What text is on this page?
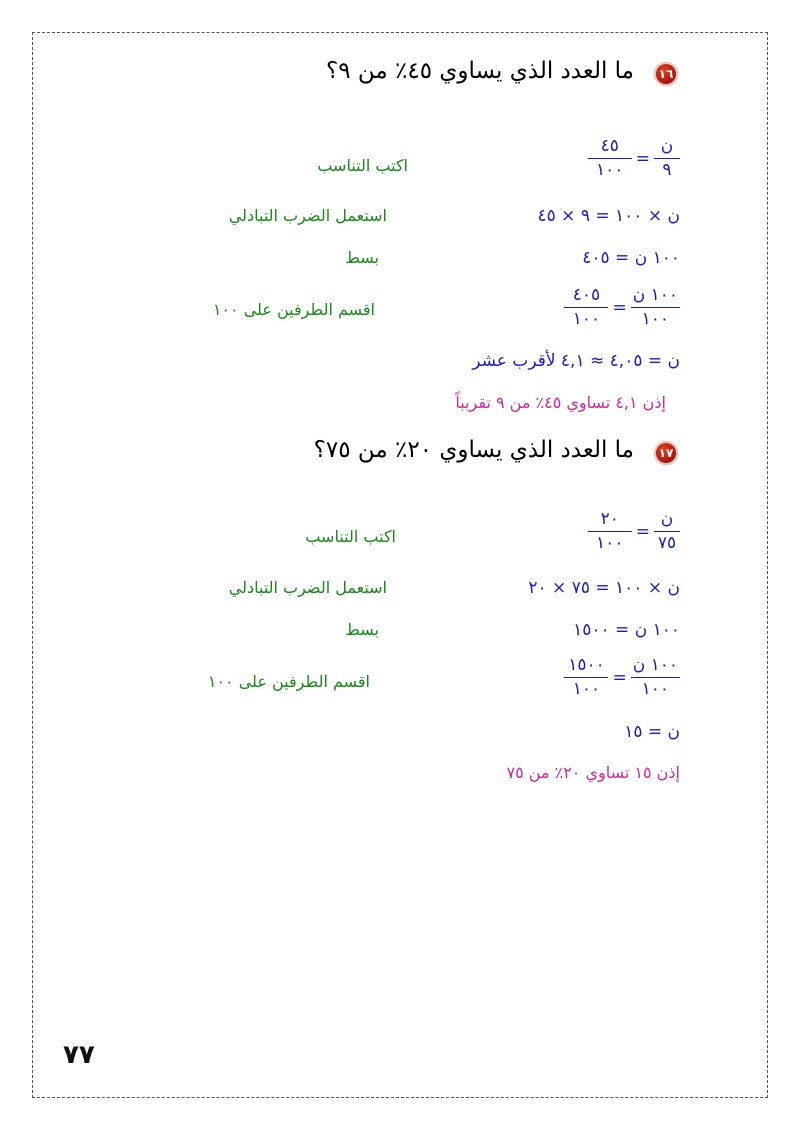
١٦
ما العدد الذي يساوي ٤٥٪ من ٩؟
$\frac{\text{ن}}{٩}$
=
$\frac{٤٥}{١٠٠}$
اكتب التناسب
ن × ١٠٠ = ٩ × ٤٥
استعمل الضرب التبادلي
١٠٠ ن = ٤٠٥
بسط
$\frac{\text{١٠٠ ن}}{١٠٠}$
=
$\frac{٤٠٥}{١٠٠}$
اقسم الطرفين على ١٠٠
ن = ٤,٠٥ ≈ ٤,١ لأقرب عشر
إذن ٤,١ تساوي ٤٥٪ من ٩ تقريباً
١٧
ما العدد الذي يساوي ٢٠٪ من ٧٥؟
$\frac{\text{ن}}{٧٥}$
=
$\frac{٢٠}{١٠٠}$
اكتب التناسب
ن × ١٠٠ = ٧٥ × ٢٠
استعمل الضرب التبادلي
١٠٠ ن = ١٥٠٠
بسط
$\frac{\text{١٠٠ ن}}{١٠٠}$
=
$\frac{١٥٠٠}{١٠٠}$
اقسم الطرفين على ١٠٠
ن = ١٥
إذن ١٥ تساوي ٢٠٪ من ٧٥
٧٧
